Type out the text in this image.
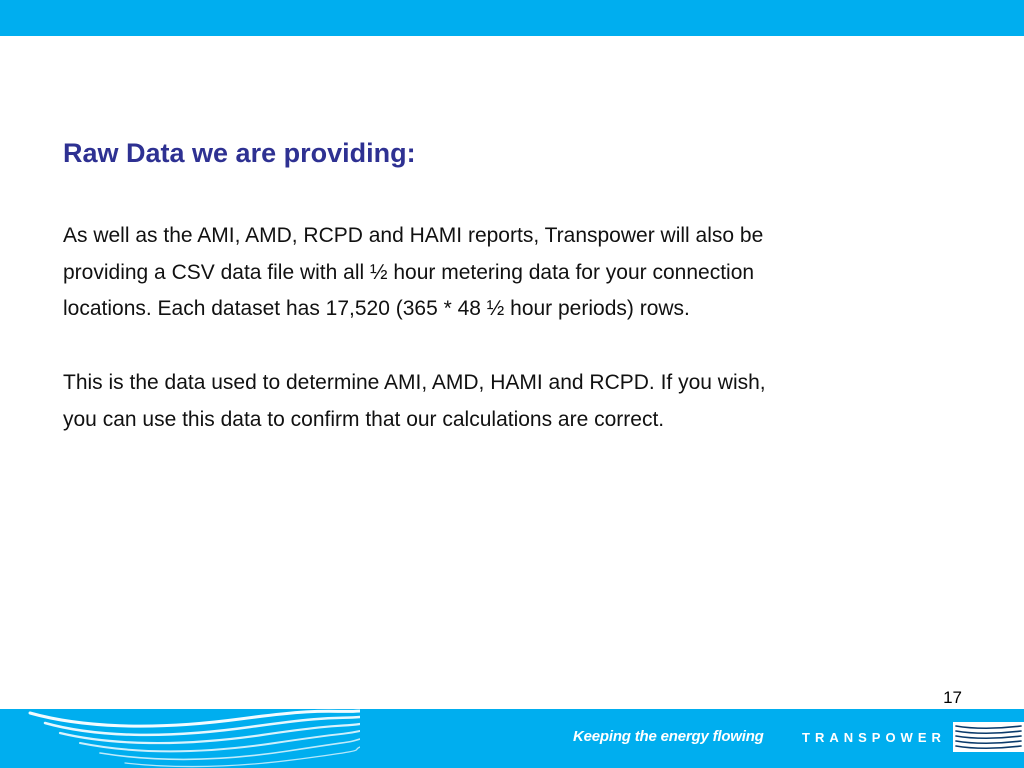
Raw Data we are providing:

As well as the AMI, AMD, RCPD and HAMI reports, Transpower will also be
providing a CSV data file with all ½ hour metering data for your connection
locations. Each dataset has 17,520 (365 * 48 ½ hour periods) rows.

This is the data used to determine AMI, AMD, HAMI and RCPD. If you wish,
you can use this data to confirm that our calculations are correct.

17
Keeping the energy flowing	TRANSPOWER
